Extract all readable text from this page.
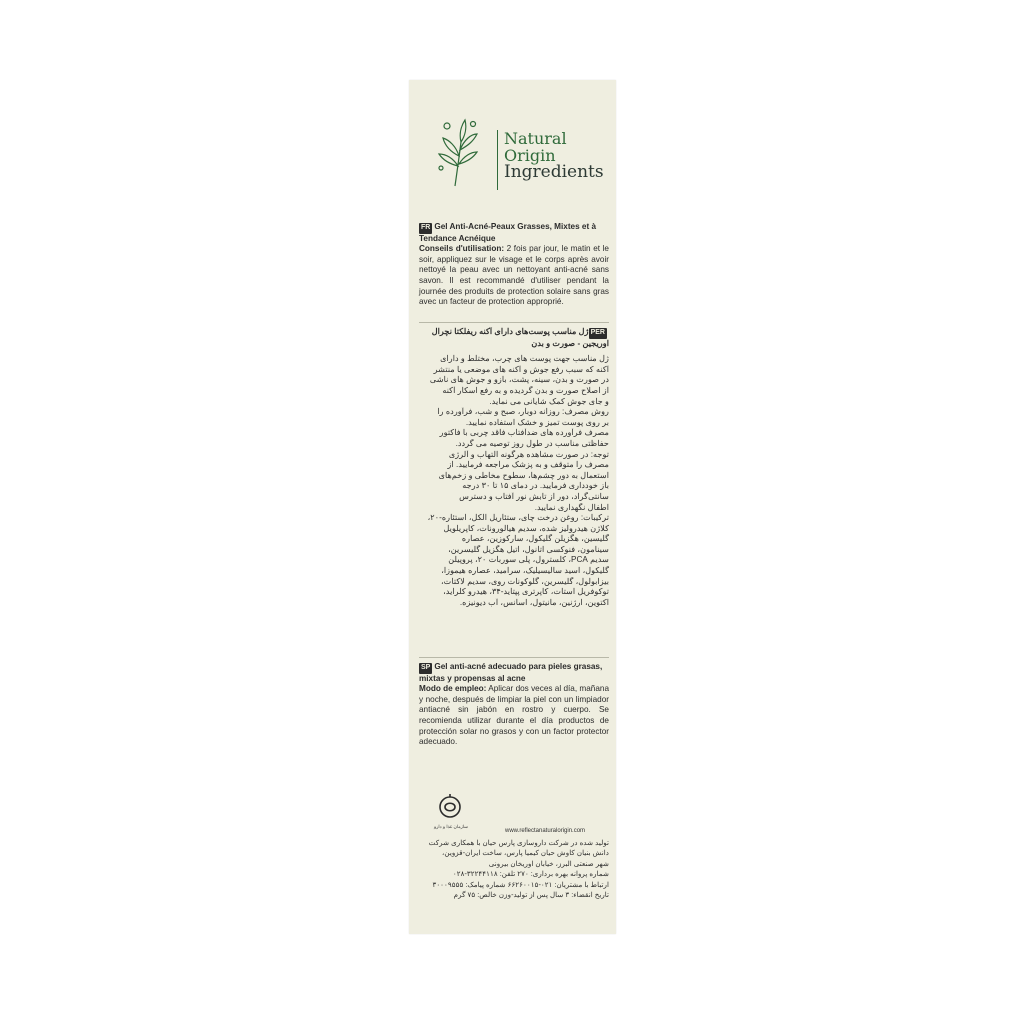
Natural
Origin
Ingredients
FR Gel Anti-Acné-Peaux Grasses, Mixtes et à Tendance Acnéique
Conseils d'utilisation: 2 fois par jour, le matin et le soir, appliquez sur le visage et le corps après avoir nettoyé la peau avec un nettoyant anti-acné sans savon. Il est recommandé d'utiliser pendant la journée des produits de protection solaire sans gras avec un facteur de protection approprié.
PERژل مناسب پوست‌های دارای آکنه ریفلکتا نچرال
اوریجین - صورت و بدن
ژل مناسب جهت پوست های چرب، مختلط و دارای
آکنه که سبب رفع جوش و آکنه های موضعی یا منتشر
در صورت و بدن، سینه، پشت، بازو و جوش های ناشی
از اصلاح صورت و بدن گردیده و به رفع اسکار آکنه
و جای جوش کمک شایانی می نماید.
روش مصرف: روزانه دوبار، صبح و شب، فرآورده را
بر روی پوست تمیز و خشک استفاده نمایید.
مصرف فرآورده های ضدآفتاب فاقد چربی با فاکتور
حفاظتی مناسب در طول روز توصیه می گردد.
توجه: در صورت مشاهده هرگونه التهاب و آلرژی
مصرف را متوقف و به پزشک مراجعه فرمایید. از
استعمال به دور چشم‌ها، سطوح مخاطی و زخم‌های
باز خودداری فرمایید. در دمای ۱۵ تا ۳۰ درجه
سانتی‌گراد، دور از تابش نور آفتاب و دسترس
اطفال نگهداری نمایید.
ترکیبات: روغن درخت چای، ستئاریل الکل، استئاره-۲۰،
کلاژن هیدرولیز شده، سدیم هیالورونات، کاپریلویل
گلیسین، هگزیلن گلیکول، سارکوزین، عصاره
سینامون، فنوکسی اتانول، اتیل هگزیل گلیسرین،
سدیم PCA، کلسترول، پلی سوربات ۲۰، پروپیلن
گلیکول، اسید سالیسیلیک، سرامید، عصاره هیموزا،
بیزابولول، گلیسرین، گلوکونات روی، سدیم لاکتات،
توکوفریل استات، کاپرتری پپتاید-۳۴، هیدرو کلراید،
اکتوین، ارژنین، مانیتول، اسانس، آب دیونیزه.
SP Gel anti-acné adecuado para pieles grasas, mixtas y propensas al acne
Modo de empleo: Aplicar dos veces al día, mañana y noche, después de limpiar la piel con un limpiador antiacné sin jabón en rostro y cuerpo. Se recomienda utilizar durante el día productos de protección solar no grasos y con un factor protector adecuado.
سازمان غذا و دارو
www.reflectanaturalorigin.com
تولید شده در شرکت داروسازی پارس حیان با همکاری شرکت
دانش بنیان کاوش حیان کیمیا پارس، ساخت ایران-قزوین،
شهر صنعتی البرز، خیابان اوریخان بیرونی
شماره پروانه بهره برداری: ۲۷۰ تلفن: ۳۲۲۴۴۱۱۸-۰۲۸
ارتباط با مشتریان: ۰۲۱-۶۶۲۶۰۰۱۵ شماره پیامک: ۳۰۰۰۹۵۵۵
تاریخ انقضاء: ۳ سال پس از تولید-وزن خالص: ۷۵ گرم
